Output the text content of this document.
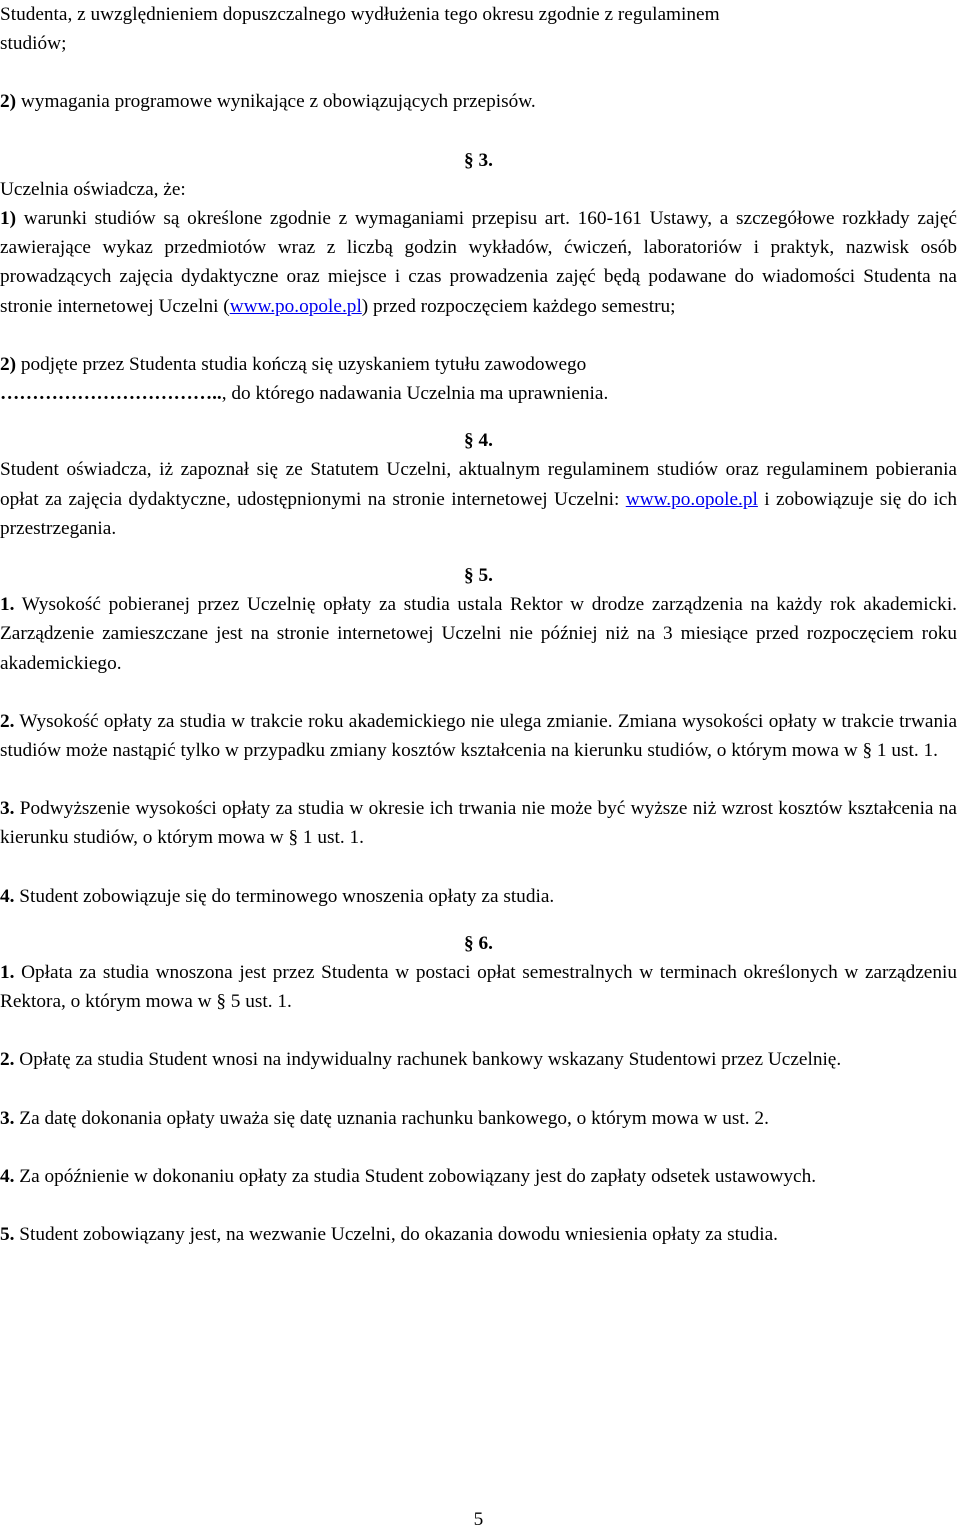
Studenta, z uwzględnieniem dopuszczalnego wydłużenia tego okresu zgodnie z regulaminem

studiów;

2) wymagania programowe wynikające z obowiązujących przepisów.

§ 3.

Uczelnia oświadcza, że:

1) warunki studiów są określone zgodnie z wymaganiami przepisu art. 160-161 Ustawy, a szczegółowe rozkłady zajęć zawierające wykaz przedmiotów wraz z liczbą godzin wykładów, ćwiczeń, laboratoriów i praktyk, nazwisk osób prowadzących zajęcia dydaktyczne oraz miejsce i czas prowadzenia zajęć będą podawane do wiadomości Studenta na stronie internetowej Uczelni (www.po.opole.pl) przed rozpoczęciem każdego semestru;

2) podjęte przez Studenta studia kończą się uzyskaniem tytułu zawodowego

…………………………….., do którego nadawania Uczelnia ma uprawnienia.

§ 4.

Student oświadcza, iż zapoznał się ze Statutem Uczelni, aktualnym regulaminem studiów oraz regulaminem pobierania opłat za zajęcia dydaktyczne, udostępnionymi na stronie internetowej Uczelni: www.po.opole.pl i zobowiązuje się do ich przestrzegania.

§ 5.

1. Wysokość pobieranej przez Uczelnię opłaty za studia ustala Rektor w drodze zarządzenia na każdy rok akademicki. Zarządzenie zamieszczane jest na stronie internetowej Uczelni nie później niż na 3 miesiące przed rozpoczęciem roku akademickiego.

2. Wysokość opłaty za studia w trakcie roku akademickiego nie ulega zmianie. Zmiana wysokości opłaty w trakcie trwania studiów może nastąpić tylko w przypadku zmiany kosztów kształcenia na kierunku studiów, o którym mowa w § 1 ust. 1.

3. Podwyższenie wysokości opłaty za studia w okresie ich trwania nie może być wyższe niż wzrost kosztów kształcenia na kierunku studiów, o którym mowa w § 1 ust. 1.

4. Student zobowiązuje się do terminowego wnoszenia opłaty za studia.

§ 6.

1. Opłata za studia wnoszona jest przez Studenta w postaci opłat semestralnych w terminach określonych w zarządzeniu Rektora, o którym mowa w § 5 ust. 1.

2. Opłatę za studia Student wnosi na indywidualny rachunek bankowy wskazany Studentowi przez Uczelnię.

3. Za datę dokonania opłaty uważa się datę uznania rachunku bankowego, o którym mowa w ust. 2.

4. Za opóźnienie w dokonaniu opłaty za studia Student zobowiązany jest do zapłaty odsetek ustawowych.

5. Student zobowiązany jest, na wezwanie Uczelni, do okazania dowodu wniesienia opłaty za studia.

5
